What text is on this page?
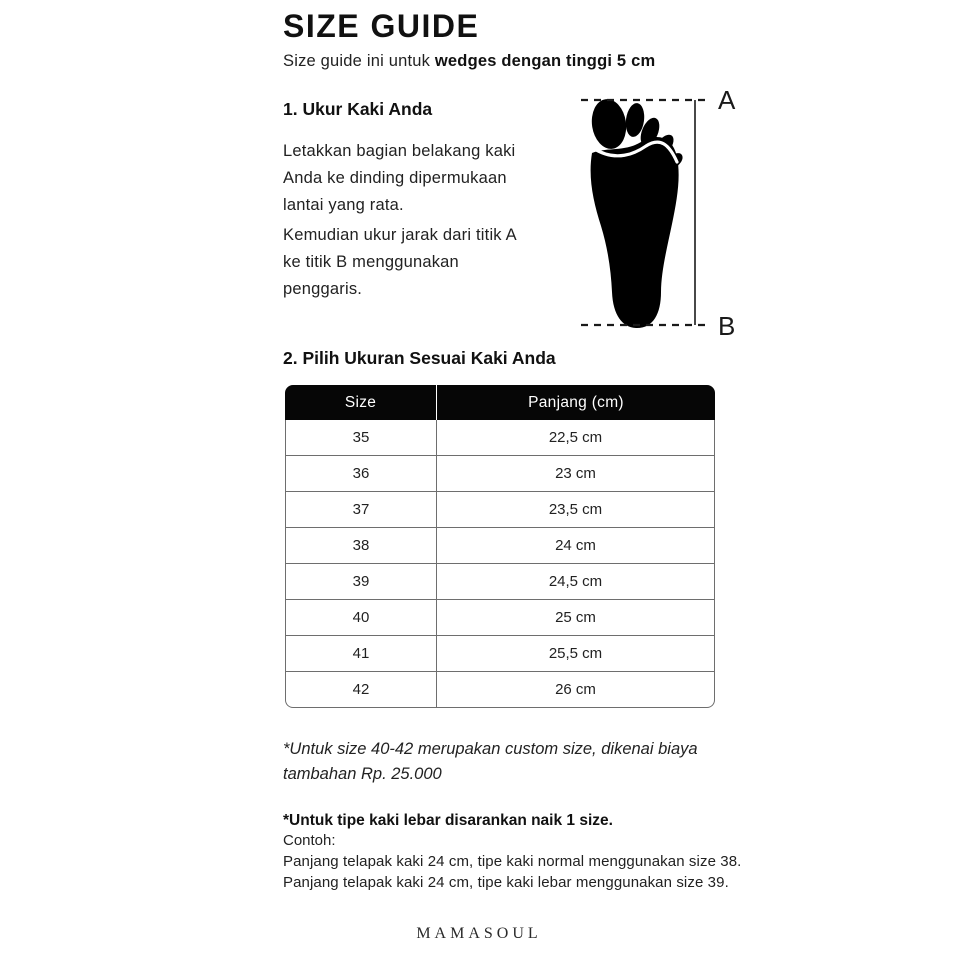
SIZE GUIDE

Size guide ini untuk wedges dengan tinggi 5 cm

1. Ukur Kaki Anda

Letakkan bagian belakang kaki Anda ke dinding dipermukaan lantai yang rata.

Kemudian ukur jarak dari titik A ke titik B menggunakan penggaris.

A
B
2. Pilih Ukuran Sesuai Kaki Anda
Size	Panjang (cm)
35	22,5 cm
36	23 cm
37	23,5 cm
38	24 cm
39	24,5 cm
40	25 cm
41	25,5 cm
42	26 cm

*Untuk size 40-42 merupakan custom size, dikenai biaya tambahan Rp. 25.000

*Untuk tipe kaki lebar disarankan naik 1 size.

Contoh:

Panjang telapak kaki 24 cm, tipe kaki normal menggunakan size 38.

Panjang telapak kaki 24 cm, tipe kaki lebar menggunakan size 39.

MAMASOUL
